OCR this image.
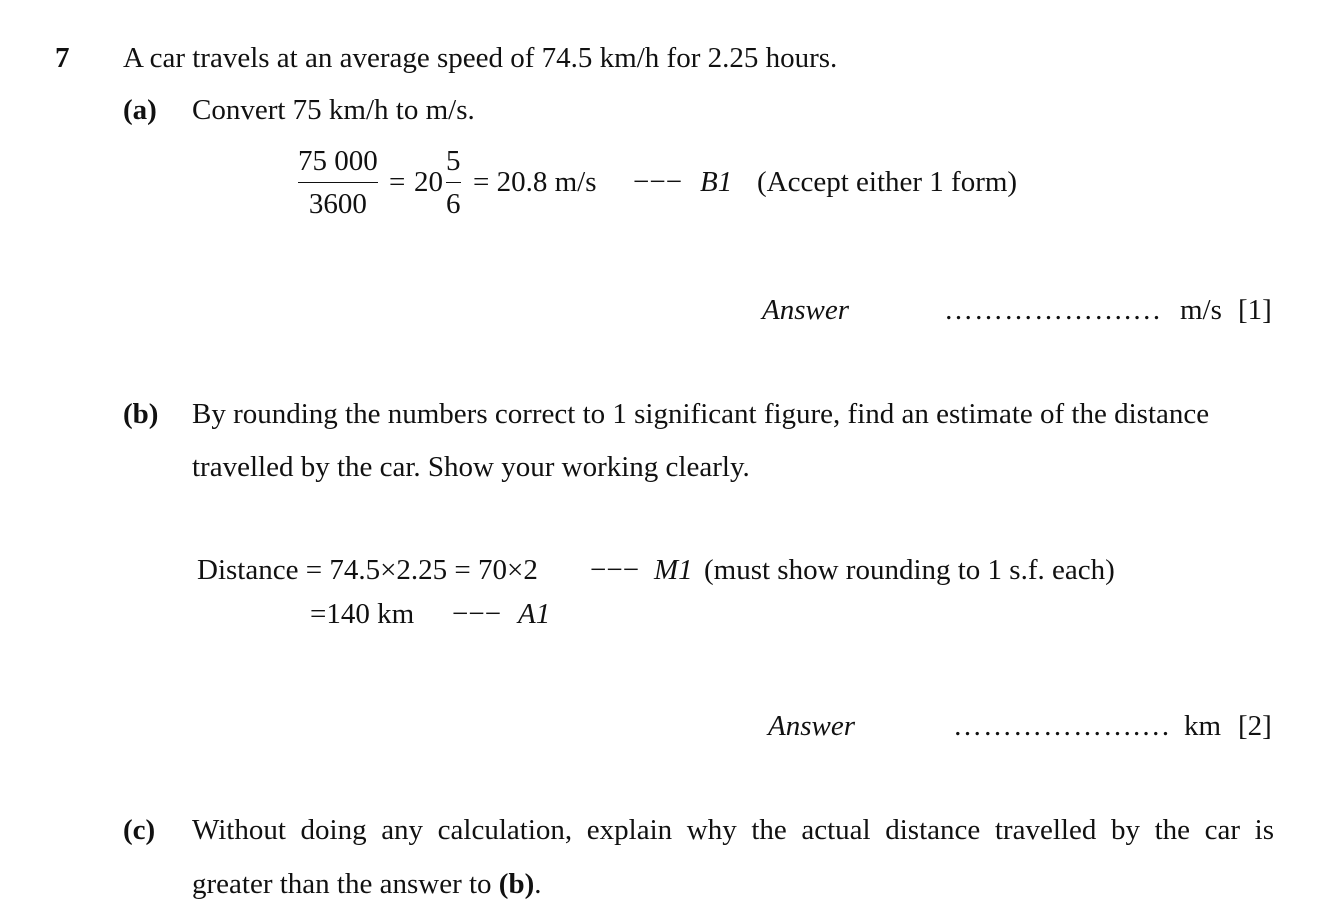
7 A car travels at an average speed of 74.5 km/h for 2.25 hours.
(a) Convert 75 km/h to m/s.
75 000
3600
= 20
5
6
= 20.8 m/s −−− B1 (Accept either 1 form)
Answer	……………….… m/s [1]
(b) By rounding the numbers correct to 1 significant figure, find an estimate of the distance
travelled by the car. Show your working clearly.
Distance = 74.5×2.25 = 70×2 −−− M1 (must show rounding to 1 s.f. each)
=140 km −−− A1
Answer	……………….… km [2]
(c) Without doing any calculation, explain why the actual distance travelled by the car is
greater than the answer to (b).
